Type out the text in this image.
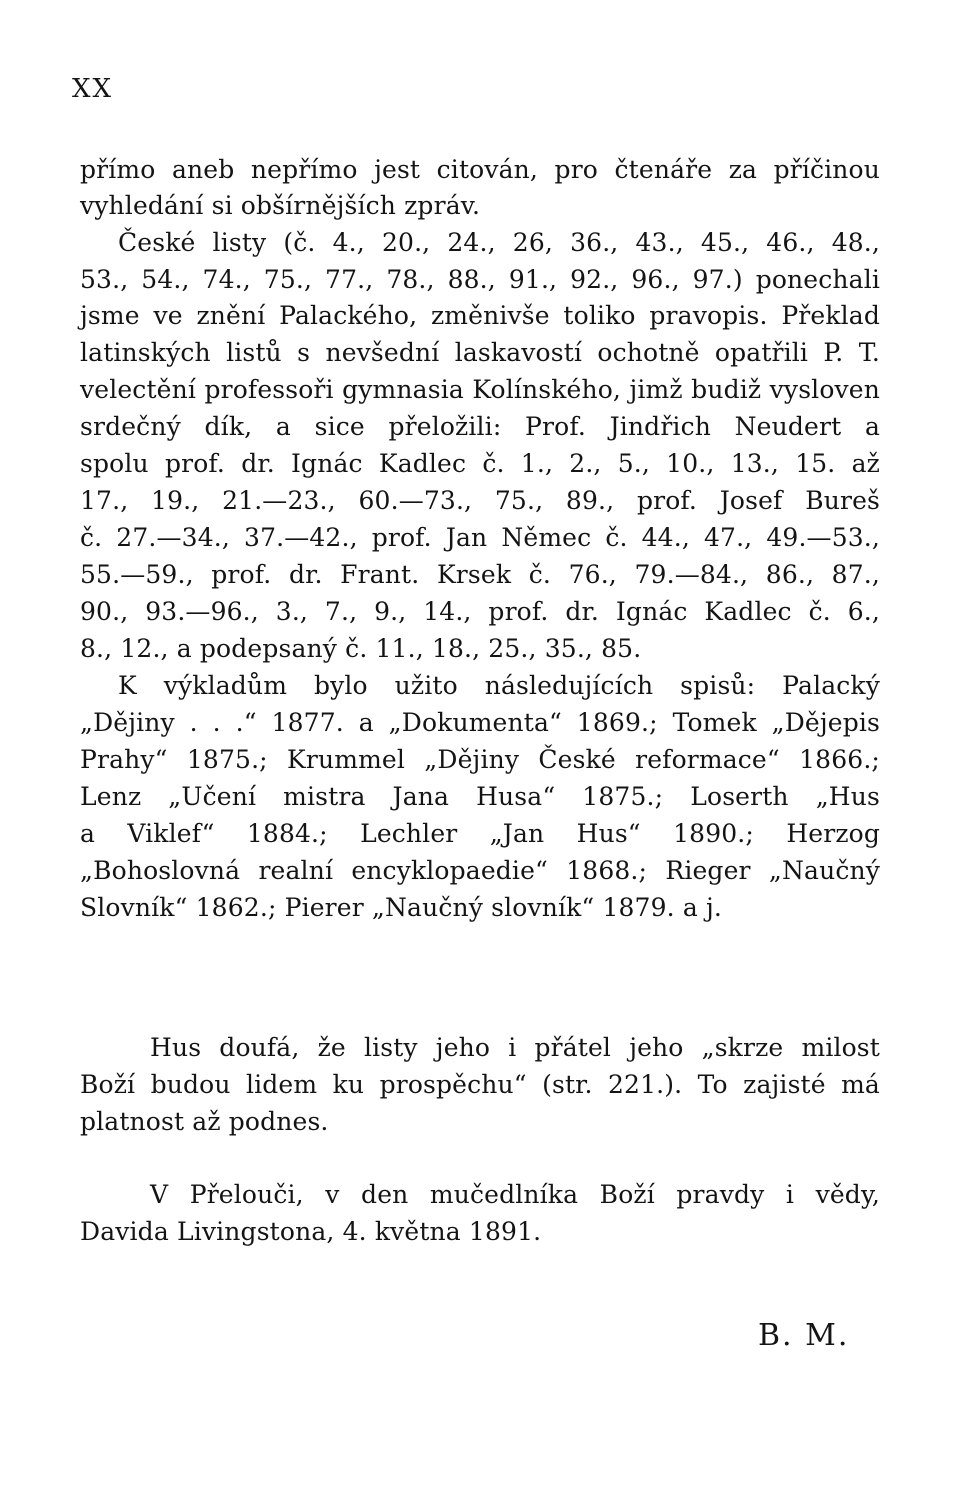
XX
přímo aneb nepřímo jest citován, pro čtenáře za příčinou
vyhledání si obšírnějších zpráv.
České listy (č. 4., 20., 24., 26, 36., 43., 45., 46., 48.,
53., 54., 74., 75., 77., 78., 88., 91., 92., 96., 97.) ponechali
jsme ve znění Palackého, změnivše toliko pravopis. Překlad
latinských listů s nevšední laskavostí ochotně opatřili P. T.
velectění professoři gymnasia Kolínského, jimž budiž vysloven
srdečný dík, a sice přeložili: Prof. Jindřich Neudert a
spolu prof. dr. Ignác Kadlec č. 1., 2., 5., 10., 13., 15. až
17., 19., 21.—23., 60.—73., 75., 89., prof. Josef Bureš
č. 27.—34., 37.—42., prof. Jan Němec č. 44., 47., 49.—53.,
55.—59., prof. dr. Frant. Krsek č. 76., 79.—84., 86., 87.,
90., 93.—96., 3., 7., 9., 14., prof. dr. Ignác Kadlec č. 6.,
8., 12., a podepsaný č. 11., 18., 25., 35., 85.
K výkladům bylo užito následujících spisů: Palacký
„Dějiny . . .“ 1877. a „Dokumenta“ 1869.; Tomek „Dějepis
Prahy“ 1875.; Krummel „Dějiny České reformace“ 1866.;
Lenz „Učení mistra Jana Husa“ 1875.; Loserth „Hus
a Viklef“ 1884.; Lechler „Jan Hus“ 1890.; Herzog
„Bohoslovná realní encyklopaedie“ 1868.; Rieger „Naučný
Slovník“ 1862.; Pierer „Naučný slovník“ 1879. a j.
Hus doufá, že listy jeho i přátel jeho „skrze milost
Boží budou lidem ku prospěchu“ (str. 221.). To zajisté má
platnost až podnes.
V Přelouči, v den mučedlníka Boží pravdy i vědy,
Davida Livingstona, 4. května 1891.
B. M.
